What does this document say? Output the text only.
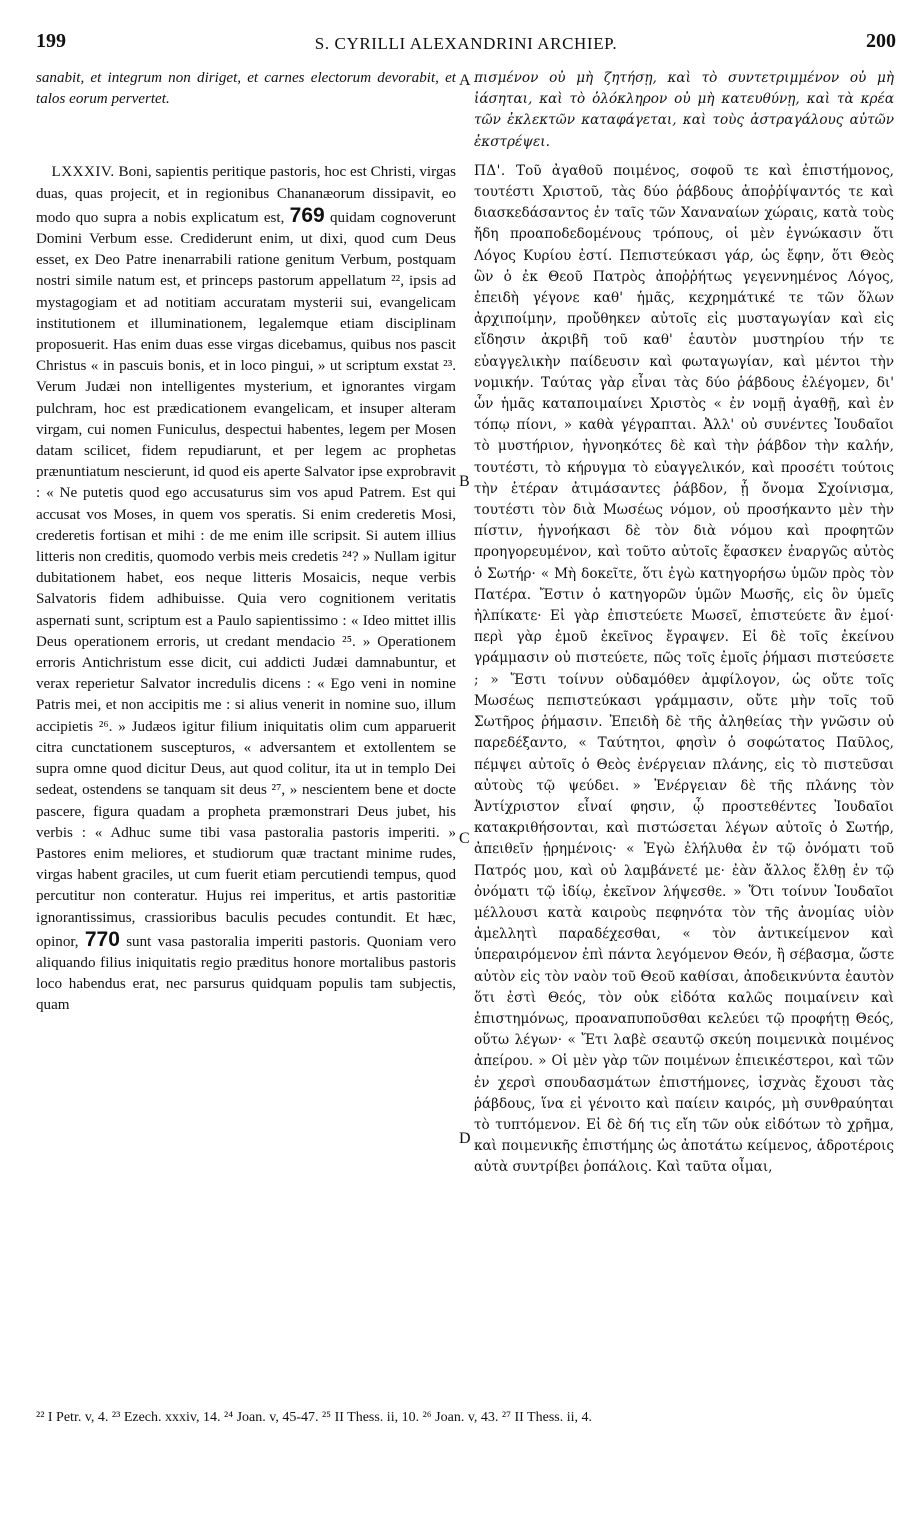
199	S. CYRILLI ALEXANDRINI ARCHIEP.	200

sanabit, et integrum non diriget, et carnes electorum devorabit, et talos eorum pervertet.

LXXXIV. Boni, sapientis peritique pastoris, hoc est Christi, virgas duas, quas projecit, et in regionibus Chananæorum dissipavit, eo modo quo supra a nobis explicatum est, 769 quidam cognoverunt Domini Verbum esse. Crediderunt enim, ut dixi, quod cum Deus esset, ex Deo Patre inenarrabili ratione genitum Verbum, postquam nostri simile natum est, et princeps pastorum appellatum ²², ipsis ad mystagogiam et ad notitiam accuratam mysterii sui, evangelicam institutionem et illuminationem, legalemque etiam disciplinam proposuerit. Has enim duas esse virgas dicebamus, quibus nos pascit Christus « in pascuis bonis, et in loco pingui, » ut scriptum exstat ²³. Verum Judæi non intelligentes mysterium, et ignorantes virgam pulchram, hoc est prædicationem evangelicam, et insuper alteram virgam, cui nomen Funiculus, despectui habentes, legem per Mosen datam scilicet, fidem repudiarunt, et per legem ac prophetas prænuntiatum nescierunt, id quod eis aperte Salvator ipse exprobravit : « Ne putetis quod ego accusaturus sim vos apud Patrem. Est qui accusat vos Moses, in quem vos speratis. Si enim crederetis Mosi, crederetis fortisan et mihi : de me enim ille scripsit. Si autem illius litteris non creditis, quomodo verbis meis credetis ²⁴? » Nullam igitur dubitationem habet, eos neque litteris Mosaicis, neque verbis Salvatoris fidem adhibuisse. Quia vero cognitionem veritatis aspernati sunt, scriptum est a Paulo sapientissimo : « Ideo mittet illis Deus operationem erroris, ut credant mendacio ²⁵. » Operationem erroris Antichristum esse dicit, cui addicti Judæi damnabuntur, et verax reperietur Salvator incredulis dicens : « Ego veni in nomine Patris mei, et non accipitis me : si alius venerit in nomine suo, illum accipietis ²⁶. » Judæos igitur filium iniquitatis olim cum apparuerit citra cunctationem suscepturos, « adversantem et extollentem se supra omne quod dicitur Deus, aut quod colitur, ita ut in templo Dei sedeat, ostendens se tanquam sit deus ²⁷, » nescientem bene et docte pascere, figura quadam a propheta præmonstrari Deus jubet, his verbis : « Adhuc sume tibi vasa pastoralia pastoris imperiti. » Pastores enim meliores, et studiorum quæ tractant minime rudes, virgas habent graciles, ut cum fuerit etiam percutiendi tempus, quod percutitur non conteratur. Hujus rei imperitus, et artis pastoritiæ ignorantissimus, crassioribus baculis pecudes contundit. Et hæc, opinor, 770 sunt vasa pastoralia imperiti pastoris. Quoniam vero aliquando filius iniquitatis regio præditus honore mortalibus pastoris loco habendus erat, nec parsurus quidquam populis tam subjectis, quam

A
B
C
D

πισμένον οὐ μὴ ζητήσῃ, καὶ τὸ συντετριμμένον οὐ μὴ ἰάσηται, καὶ τὸ ὁλόκληρον οὐ μὴ κατευθύνῃ, καὶ τὰ κρέα τῶν ἐκλεκτῶν καταφάγεται, καὶ τοὺς ἀστραγάλους αὐτῶν ἐκστρέψει.

ΠΔ'. Τοῦ ἀγαθοῦ ποιμένος, σοφοῦ τε καὶ ἐπιστήμονος, τουτέστι Χριστοῦ, τὰς δύο ῥάβδους ἀποῤῥίψαντός τε καὶ διασκεδάσαντος ἐν ταῖς τῶν Χαναναίων χώραις, κατὰ τοὺς ἤδη προαποδεδομένους τρόπους, οἱ μὲν ἐγνώκασιν ὅτι Λόγος Κυρίου ἐστί. Πεπιστεύκασι γάρ, ὡς ἔφην, ὅτι Θεὸς ὢν ὁ ἐκ Θεοῦ Πατρὸς ἀποῤῥήτως γεγεννημένος Λόγος, ἐπειδὴ γέγονε καθ' ἡμᾶς, κεχρημάτικέ τε τῶν ὅλων ἀρχιποίμην, προὔθηκεν αὐτοῖς εἰς μυσταγωγίαν καὶ εἰς εἴδησιν ἀκριβῆ τοῦ καθ' ἑαυτὸν μυστηρίου τήν τε εὐαγγελικὴν παίδευσιν καὶ φωταγωγίαν, καὶ μέντοι τὴν νομικήν. Ταύτας γὰρ εἶναι τὰς δύο ῥάβδους ἐλέγομεν, δι' ὧν ἡμᾶς καταποιμαίνει Χριστὸς « ἐν νομῇ ἀγαθῇ, καὶ ἐν τόπῳ πίονι, » καθὰ γέγραπται. Ἀλλ' οὐ συνέντες Ἰουδαῖοι τὸ μυστήριον, ἠγνοηκότες δὲ καὶ τὴν ῥάβδον τὴν καλήν, τουτέστι, τὸ κήρυγμα τὸ εὐαγγελικόν, καὶ προσέτι τούτοις τὴν ἑτέραν ἀτιμάσαντες ῥάβδον, ᾗ ὄνομα Σχοίνισμα, τουτέστι τὸν διὰ Μωσέως νόμον, οὐ προσήκαντο μὲν τὴν πίστιν, ἠγνοήκασι δὲ τὸν διὰ νόμου καὶ προφητῶν προηγορευμένον, καὶ τοῦτο αὐτοῖς ἔφασκεν ἐναργῶς αὐτὸς ὁ Σωτήρ· « Μὴ δοκεῖτε, ὅτι ἐγὼ κατηγορήσω ὑμῶν πρὸς τὸν Πατέρα. Ἔστιν ὁ κατηγορῶν ὑμῶν Μωσῆς, εἰς ὃν ὑμεῖς ἠλπίκατε· Εἰ γὰρ ἐπιστεύετε Μωσεῖ, ἐπιστεύετε ἂν ἐμοί· περὶ γὰρ ἐμοῦ ἐκεῖνος ἔγραψεν. Εἰ δὲ τοῖς ἐκείνου γράμμασιν οὐ πιστεύετε, πῶς τοῖς ἐμοῖς ῥήμασι πιστεύσετε ; » Ἔστι τοίνυν οὐδαμόθεν ἀμφίλογον, ὡς οὔτε τοῖς Μωσέως πεπιστεύκασι γράμμασιν, οὔτε μὴν τοῖς τοῦ Σωτῆρος ῥήμασιν. Ἐπειδὴ δὲ τῆς ἀληθείας τὴν γνῶσιν οὐ παρεδέξαντο, « Ταύτητοι, φησὶν ὁ σοφώτατος Παῦλος, πέμψει αὐτοῖς ὁ Θεὸς ἐνέργειαν πλάνης, εἰς τὸ πιστεῦσαι αὐτοὺς τῷ ψεύδει. » Ἐνέργειαν δὲ τῆς πλάνης τὸν Ἀντίχριστον εἶναί φησιν, ᾧ προστεθέντες Ἰουδαῖοι κατακριθήσονται, καὶ πιστώσεται λέγων αὐτοῖς ὁ Σωτήρ, ἀπειθεῖν ᾑρημένοις· « Ἐγὼ ἐλήλυθα ἐν τῷ ὀνόματι τοῦ Πατρός μου, καὶ οὐ λαμβάνετέ με· ἐὰν ἄλλος ἔλθῃ ἐν τῷ ὀνόματι τῷ ἰδίῳ, ἐκεῖνον λήψεσθε. » Ὅτι τοίνυν Ἰουδαῖοι μέλλουσι κατὰ καιροὺς πεφηνότα τὸν τῆς ἀνομίας υἱὸν ἀμελλητὶ παραδέχεσθαι, « τὸν ἀντικείμενον καὶ ὑπεραιρόμενον ἐπὶ πάντα λεγόμενον Θεόν, ἢ σέβασμα, ὥστε αὐτὸν εἰς τὸν ναὸν τοῦ Θεοῦ καθίσαι, ἀποδεικνύντα ἑαυτὸν ὅτι ἐστὶ Θεός, τὸν οὐκ εἰδότα καλῶς ποιμαίνειν καὶ ἐπιστημόνως, προαναπυποῦσθαι κελεύει τῷ προφήτῃ Θεός, οὕτω λέγων· « Ἔτι λαβὲ σεαυτῷ σκεύη ποιμενικὰ ποιμένος ἀπείρου. » Οἱ μὲν γὰρ τῶν ποιμένων ἐπιεικέστεροι, καὶ τῶν ἐν χερσὶ σπουδασμάτων ἐπιστήμονες, ἰσχνὰς ἔχουσι τὰς ῥάβδους, ἵνα εἰ γένοιτο καὶ παίειν καιρός, μὴ συνθραύηται τὸ τυπτόμενον. Εἰ δὲ δή τις εἴη τῶν οὐκ εἰδότων τὸ χρῆμα, καὶ ποιμενικῆς ἐπιστήμης ὡς ἀποτάτω κείμενος, ἁδροτέροις αὐτὰ συντρίβει ῥοπάλοις. Καὶ ταῦτα οἶμαι,

²² I Petr. v, 4. ²³ Ezech. xxxiv, 14. ²⁴ Joan. v, 45-47. ²⁵ II Thess. ii, 10. ²⁶ Joan. v, 43. ²⁷ II Thess. ii, 4.
